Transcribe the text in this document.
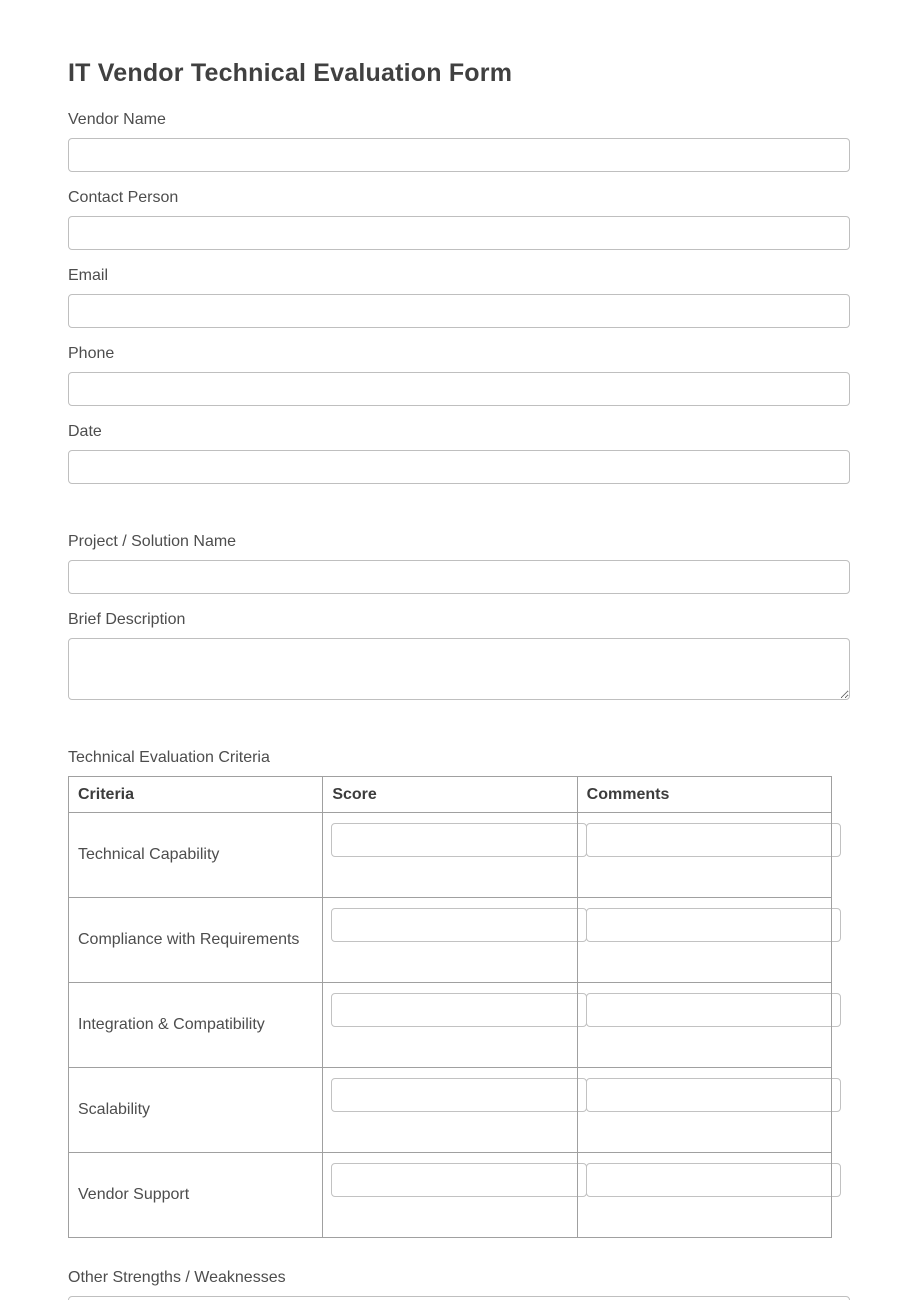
IT Vendor Technical Evaluation Form
Vendor Name
Contact Person
Email
Phone
Date
Project / Solution Name
Brief Description
Technical Evaluation Criteria
Criteria	Score	Comments
Technical Capability	

Compliance with Requirements	

Integration & Compatibility	

Scalability	

Vendor Support	

Other Strengths / Weaknesses
